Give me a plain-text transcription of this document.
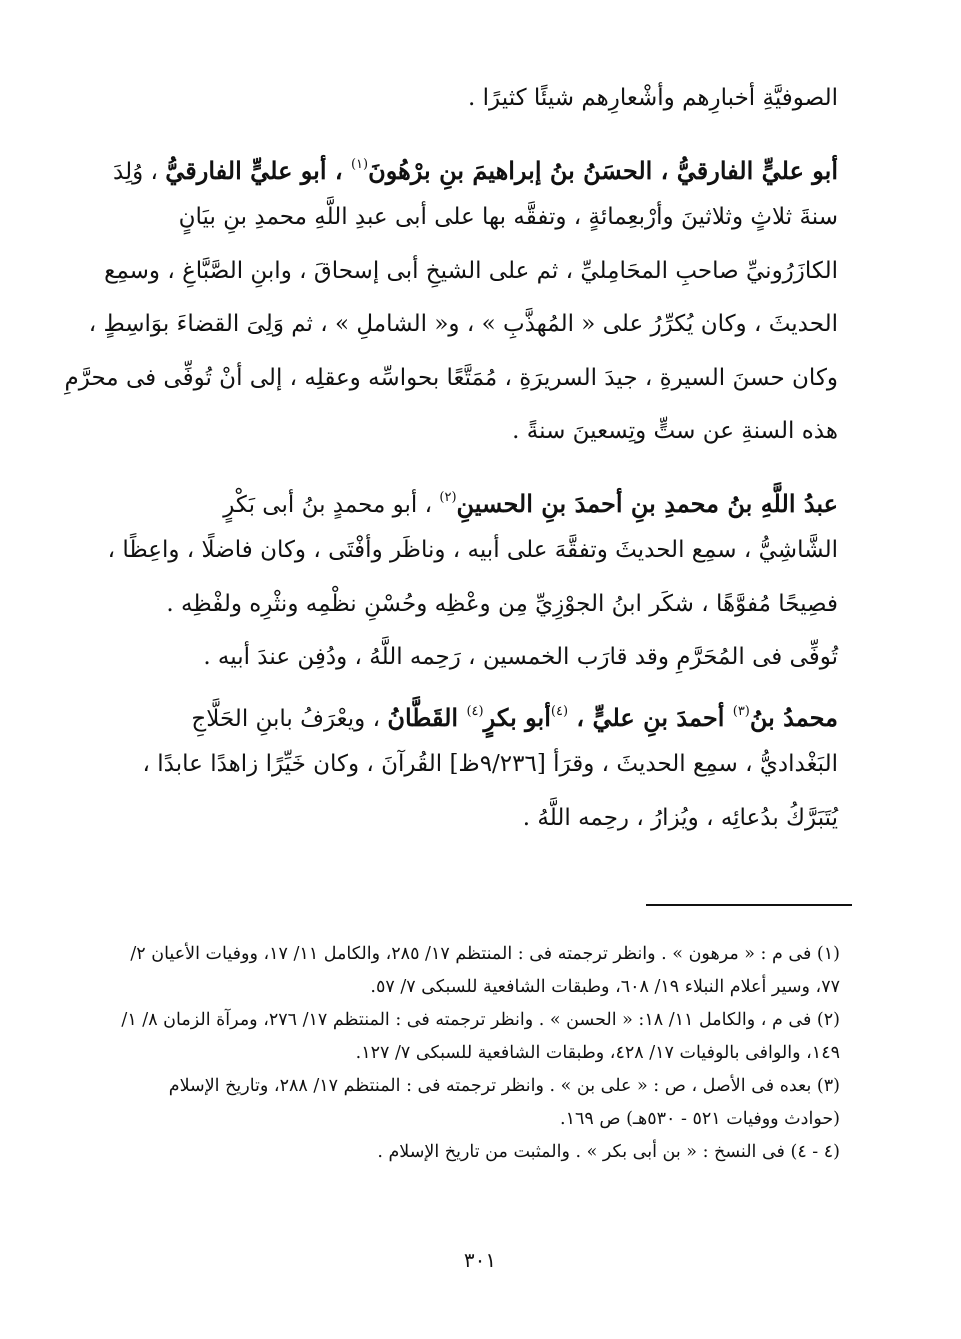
الصوفيَّةِ أخبارِهم وأشْعارِهم شيئًا كثيرًا .

أبو عليٍّ الفارقيُّ ، الحسَنُ بنُ إبراهيمَ بنِ برْهُونَ$^{(١)}$ ، أبو عليٍّ الفارقيُّ ، وُلِدَ
سنةَ ثلاثٍ وثلاثينَ وأرْبعِمائةٍ ، وتفقَّه بها على أبى عبدِ اللَّهِ محمدِ بنِ بيَانٍ
الكازَرُونيِّ صاحبِ المحَامِليِّ ، ثم على الشيخِ أبى إسحاقَ ، وابنِ الصَّبَّاغِ ، وسمِع
الحديثَ ، وكان يُكرِّرُ على « المُهذَّبِ » ، و« الشاملِ » ، ثم وَلِىَ القضاءَ بوَاسِطٍ ،
وكان حسنَ السيرةِ ، جيدَ السريرَةِ ، مُمَتَّعًا بحواسِّه وعقلِه ، إلى أنْ تُوفِّى فى محرَّمِ
هذه السنةِ عن ستٍّ وتِسعينَ سنةً .

عبدُ اللَّهِ بنُ محمدِ بنِ أحمدَ بنِ الحسينِ$^{(٢)}$ ، أبو محمدٍ بنُ أبى بَكْرٍ
الشَّاشِيُّ ، سمِع الحديثَ وتفقَّهَ على أبيه ، وناظَر وأفْتَى ، وكان فاضلًا ، واعِظًا ،
فصِيحًا مُفوَّهًا ، شكَر ابنُ الجوْزِيِّ مِن وعْظِه وحُسْنِ نظْمِه ونثْرِه ولفْظِه .

تُوفِّى فى المُحَرَّمِ وقد قارَب الخمسين ، رَحِمه اللَّهُ ، ودُفِن عندَ أبيه .

محمدُ بنُ$^{(٣)}$ أحمدَ بنِ عليٍّ ، $^{(٤)}$أبو بكرٍ$^{(٤)}$ القَطَّانُ ، ويعْرَفُ بابنِ الحَلَّاجِ
البَغْداديُّ ، سمِع الحديثَ ، وقرَأ [٩/٢٣٦ظ] القُرآنَ ، وكان خَيِّرًا زاهدًا عابدًا ،
يُتَبَرَّكُ بدُعائِه ، ويُزارُ ، رحِمه اللَّهُ .

(١) فى م : « مرهون » . وانظر ترجمته فى : المنتظم ١٧/ ٢٨٥، والكامل ١١/ ١٧، ووفيات الأعيان ٢/
٧٧، وسير أعلام النبلاء ١٩/ ٦٠٨، وطبقات الشافعية للسبكى ٧/ ٥٧.
(٢) فى م ، والكامل ١١/ ١٨: « الحسن » . وانظر ترجمته فى : المنتظم ١٧/ ٢٧٦، ومرآة الزمان ٨/ ١/
١٤٩، والوافى بالوفيات ١٧/ ٤٢٨، وطبقات الشافعية للسبكى ٧/ ١٢٧.
(٣) بعده فى الأصل ، ص : « على بن » . وانظر ترجمته فى : المنتظم ١٧/ ٢٨٨، وتاريخ الإسلام
(حوادث ووفيات ٥٢١ - ٥٣٠هـ) ص ١٦٩.
(٤ - ٤) فى النسخ : « بن أبى بكر » . والمثبت من تاريخ الإسلام .
٣٠١
